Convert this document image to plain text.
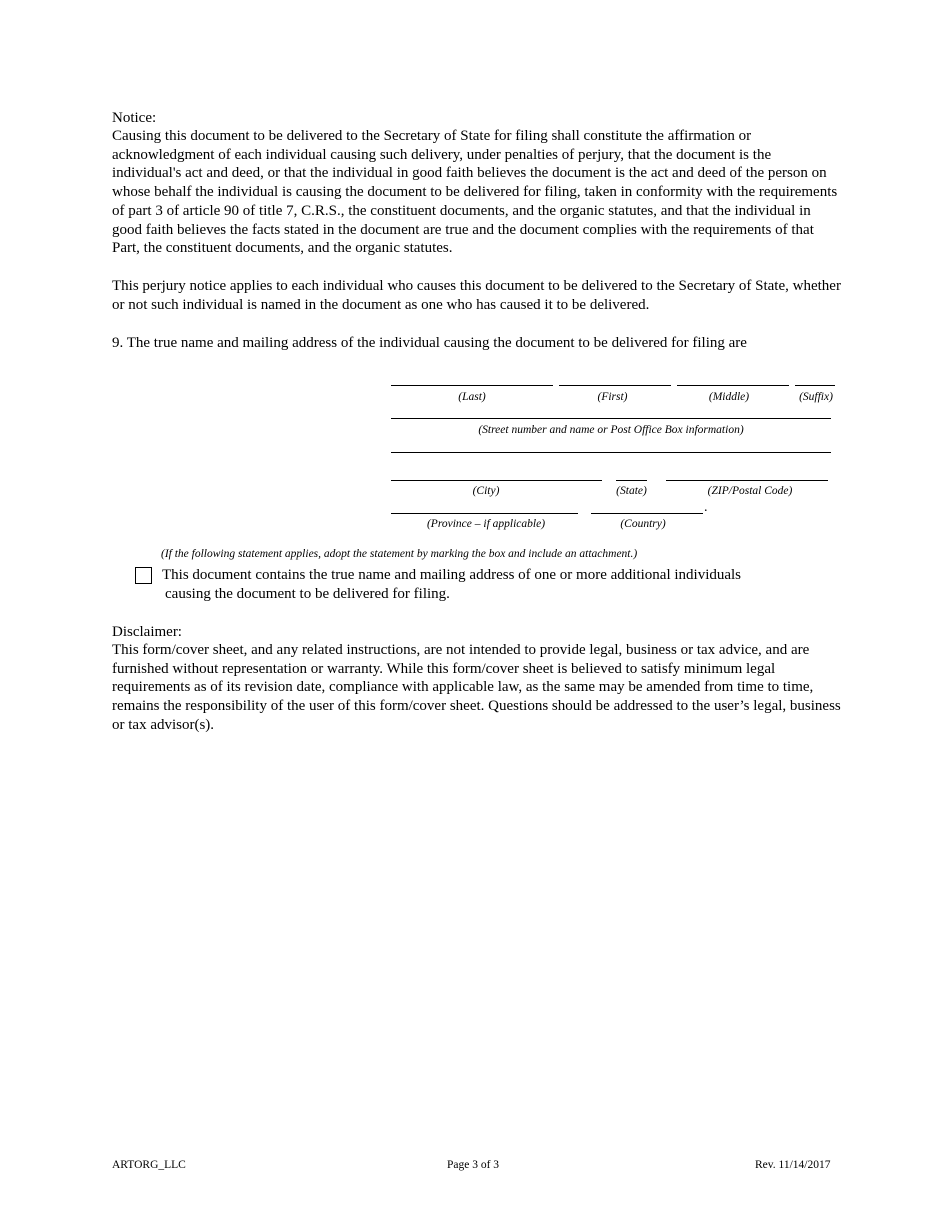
Notice:

Causing this document to be delivered to the Secretary of State for filing shall constitute the affirmation or acknowledgment of each individual causing such delivery, under penalties of perjury, that the document is the individual's act and deed, or that the individual in good faith believes the document is the act and deed of the person on whose behalf the individual is causing the document to be delivered for filing, taken in conformity with the requirements of part 3 of article 90 of title 7, C.R.S., the constituent documents, and the organic statutes, and that the individual in good faith believes the facts stated in the document are true and the document complies with the requirements of that Part, the constituent documents, and the organic statutes.

This perjury notice applies to each individual who causes this document to be delivered to the Secretary of State, whether or not such individual is named in the document as one who has caused it to be delivered.

9. The true name and mailing address of the individual causing the document to be delivered for filing are

(Last)	(First)	(Middle)	(Suffix)
(Street number and name or Post Office Box information)
(City)	(State)	(ZIP/Postal Code)
.
(Province – if applicable)	(Country)
(If the following statement applies, adopt the statement by marking the box and include an attachment.)
This document contains the true name and mailing address of one or more additional individuals
causing the document to be delivered for filing.

Disclaimer:

This form/cover sheet, and any related instructions, are not intended to provide legal, business or tax advice, and are furnished without representation or warranty. While this form/cover sheet is believed to satisfy minimum legal requirements as of its revision date, compliance with applicable law, as the same may be amended from time to time, remains the responsibility of the user of this form/cover sheet. Questions should be addressed to the user’s legal, business or tax advisor(s).

ARTORG_LLC	Page 3 of 3	Rev. 11/14/2017
